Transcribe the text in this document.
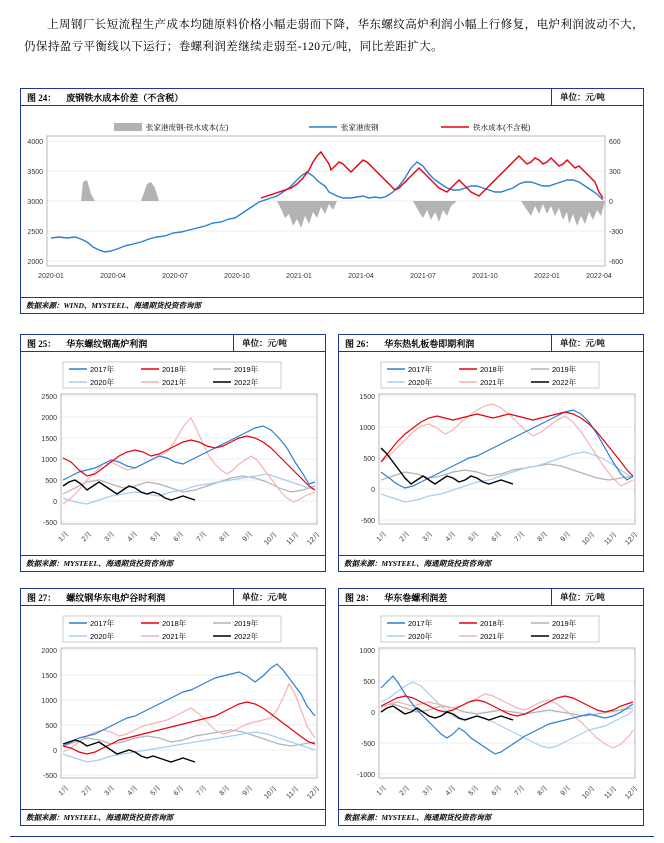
上周钢厂长短流程生产成本均随原料价格小幅走弱而下降，华东螺纹高炉利润小幅上行修复，电炉利润波动不大，仍保持盈亏平衡线以下运行；卷螺利润差继续走弱至-120元/吨，同比差距扩大。

图 24： 废钢铁水成本价差（不含税）	单位：元/吨
张家港废钢-铁水成本(左)	张家港废钢	铁水成本(不含税)
4000
3500
3000
2500
2000
600
300
0
-300
-600
2020-01	2020-04	2020-07	2020-10	2021-01	2021-04	2021-07	2021-10	2022-01	2022-04
数据来源：WIND、MYSTEEL、海通期货投资咨询部
图 25： 华东螺纹钢高炉利润	单位：元/吨
2017年	2018年	2019年
2020年	2021年	2022年
2500
2000
1500
1000
500
0
-500
1月 2月 3月 4月 5月 6月 7月 8月 9月 10月 11月 12月
数据来源：MYSTEEL、海通期货投资咨询部
图 26： 华东热轧板卷即期利润	单位：元/吨
2017年	2018年	2019年
2020年	2021年	2022年
1500
1000
500
0
-500
1月 2月 3月 4月 5月 6月 7月 8月 9月 10月 11月 12月
数据来源：MYSTEEL、海通期货投资咨询部
图 27： 螺纹钢华东电炉谷时利润	单位：元/吨
2017年	2018年	2019年
2020年	2021年	2022年
2000
1500
1000
500
0
-500
1月 2月 3月 4月 5月 6月 7月 8月 9月 10月 11月 12月
数据来源：MYSTEEL、海通期货投资咨询部
图 28： 华东卷螺利润差	单位：元/吨
2017年	2018年	2019年
2020年	2021年	2022年
1000
500
0
-500
-1000
1月 2月 3月 4月 5月 6月 7月 8月 9月 10月 11月 12月
数据来源：MYSTEEL、海通期货投资咨询部
